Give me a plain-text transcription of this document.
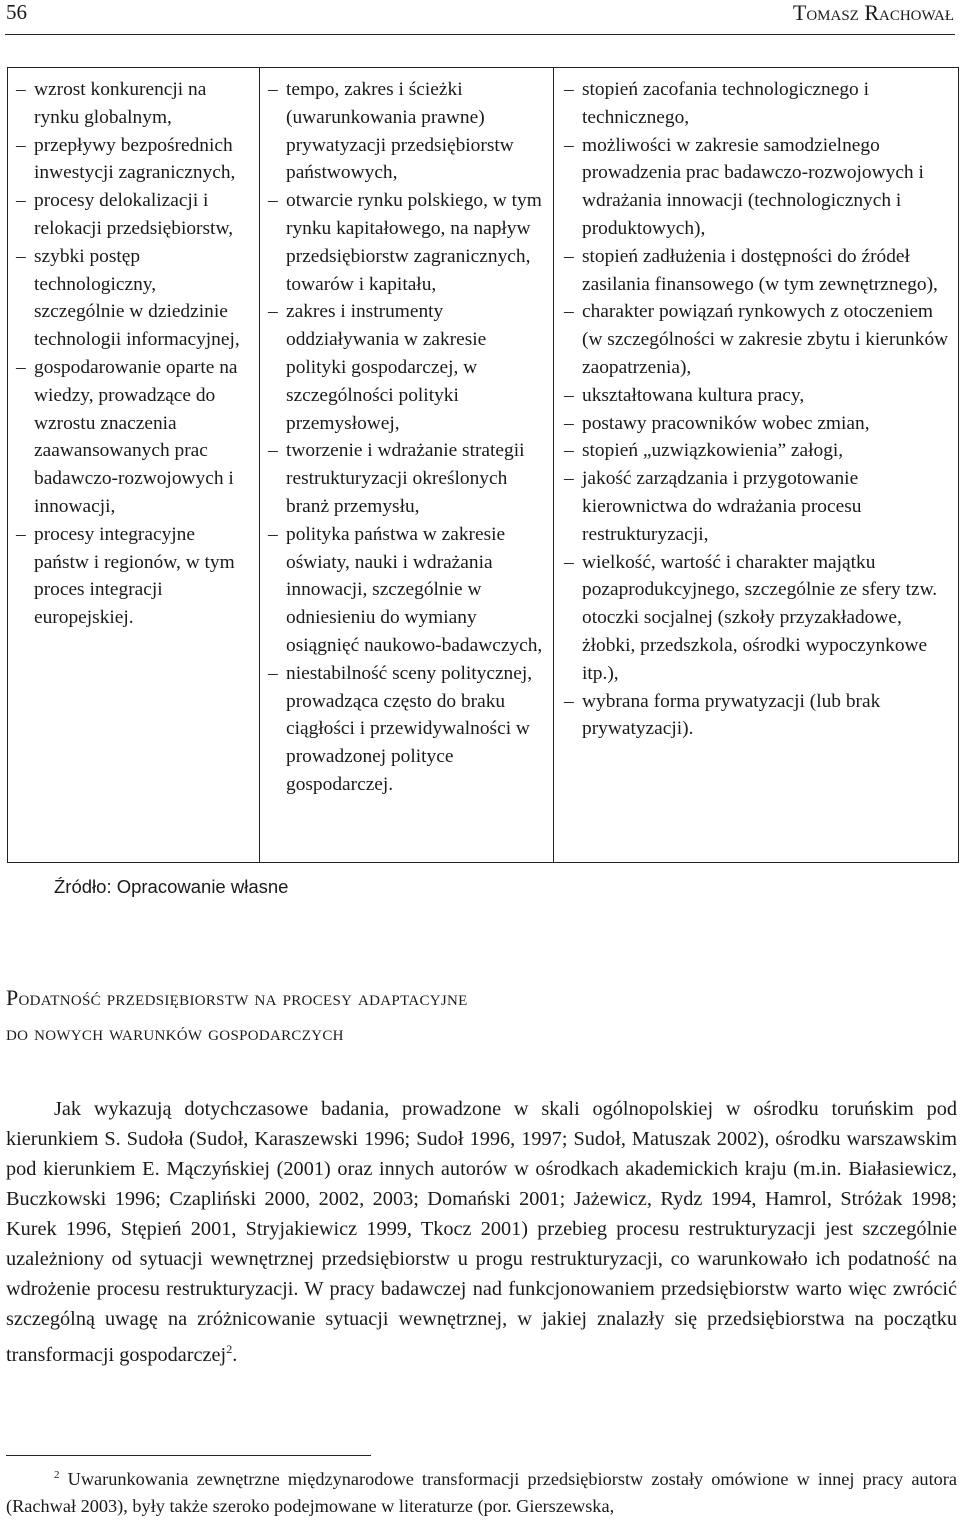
56	Tomasz Rachował
– wzrost konkurencji na rynku globalnym,
– przepływy bezpośrednich inwestycji zagranicznych,
– procesy delokalizacji i relokacji przedsiębiorstw,
– szybki postęp technologiczny, szczególnie w dziedzinie technologii informacyjnej,
– gospodarowanie oparte na wiedzy, prowadzące do wzrostu znaczenia zaawansowanych prac badawczo-rozwojowych i innowacji,
– procesy integracyjne państw i regionów, w tym proces integracji europejskiej.
– tempo, zakres i ścieżki (uwarunkowania prawne) prywatyzacji przedsiębiorstw państwowych,
– otwarcie rynku polskiego, w tym rynku kapitałowego, na napływ przedsiębiorstw zagranicznych, towarów i kapitału,
– zakres i instrumenty oddziaływania w zakresie polityki gospodarczej, w szczególności polityki przemysłowej,
– tworzenie i wdrażanie strategii restrukturyzacji określonych branż przemysłu,
– polityka państwa w zakresie oświaty, nauki i wdrażania innowacji, szczególnie w odniesieniu do wymiany osiągnięć naukowo-badawczych,
– niestabilność sceny politycznej, prowadząca często do braku ciągłości i przewidywalności w prowadzonej polityce gospodarczej.
– stopień zacofania technologicznego i technicznego,
– możliwości w zakresie samodzielnego prowadzenia prac badawczo-rozwojowych i wdrażania innowacji (technologicznych i produktowych),
– stopień zadłużenia i dostępności do źródeł zasilania finansowego (w tym zewnętrznego),
– charakter powiązań rynkowych z otoczeniem (w szczególności w zakresie zbytu i kierunków zaopatrzenia),
– ukształtowana kultura pracy,
– postawy pracowników wobec zmian,
– stopień „uzwiązkowienia” załogi,
– jakość zarządzania i przygotowanie kierownictwa do wdrażania procesu restrukturyzacji,
– wielkość, wartość i charakter majątku pozaprodukcyjnego, szczególnie ze sfery tzw. otoczki socjalnej (szkoły przyzakładowe, żłobki, przedszkola, ośrodki wypoczynkowe itp.),
– wybrana forma prywatyzacji (lub brak prywatyzacji).
Źródło: Opracowanie własne
Podatność przedsiębiorstw na procesy adaptacyjne
do nowych warunków gospodarczych

Jak wykazują dotychczasowe badania, prowadzone w skali ogólnopolskiej w ośrodku toruńskim pod kierunkiem S. Sudoła (Sudoł, Karaszewski 1996; Sudoł 1996, 1997; Sudoł, Matuszak 2002), ośrodku warszawskim pod kierunkiem E. Mączyńskiej (2001) oraz innych autorów w ośrodkach akademickich kraju (m.in. Białasiewicz, Buczkowski 1996; Czapliński 2000, 2002, 2003; Domański 2001; Jażewicz, Rydz 1994, Hamrol, Stróżak 1998; Kurek 1996, Stępień 2001, Stryjakiewicz 1999, Tkocz 2001) przebieg procesu restrukturyzacji jest szczególnie uzależniony od sytuacji wewnętrznej przedsiębiorstw u progu restrukturyzacji, co warunkowało ich podatność na wdrożenie procesu restrukturyzacji. W pracy badawczej nad funkcjonowaniem przedsiębiorstw warto więc zwrócić szczególną uwagę na zróżnicowanie sytuacji wewnętrznej, w jakiej znalazły się przedsiębiorstwa na początku transformacji gospodarczej$^2$.

$^2$ Uwarunkowania zewnętrzne międzynarodowe transformacji przedsiębiorstw zostały omówione w innej pracy autora (Rachwał 2003), były także szeroko podejmowane w literaturze (por. Gierszewska,
